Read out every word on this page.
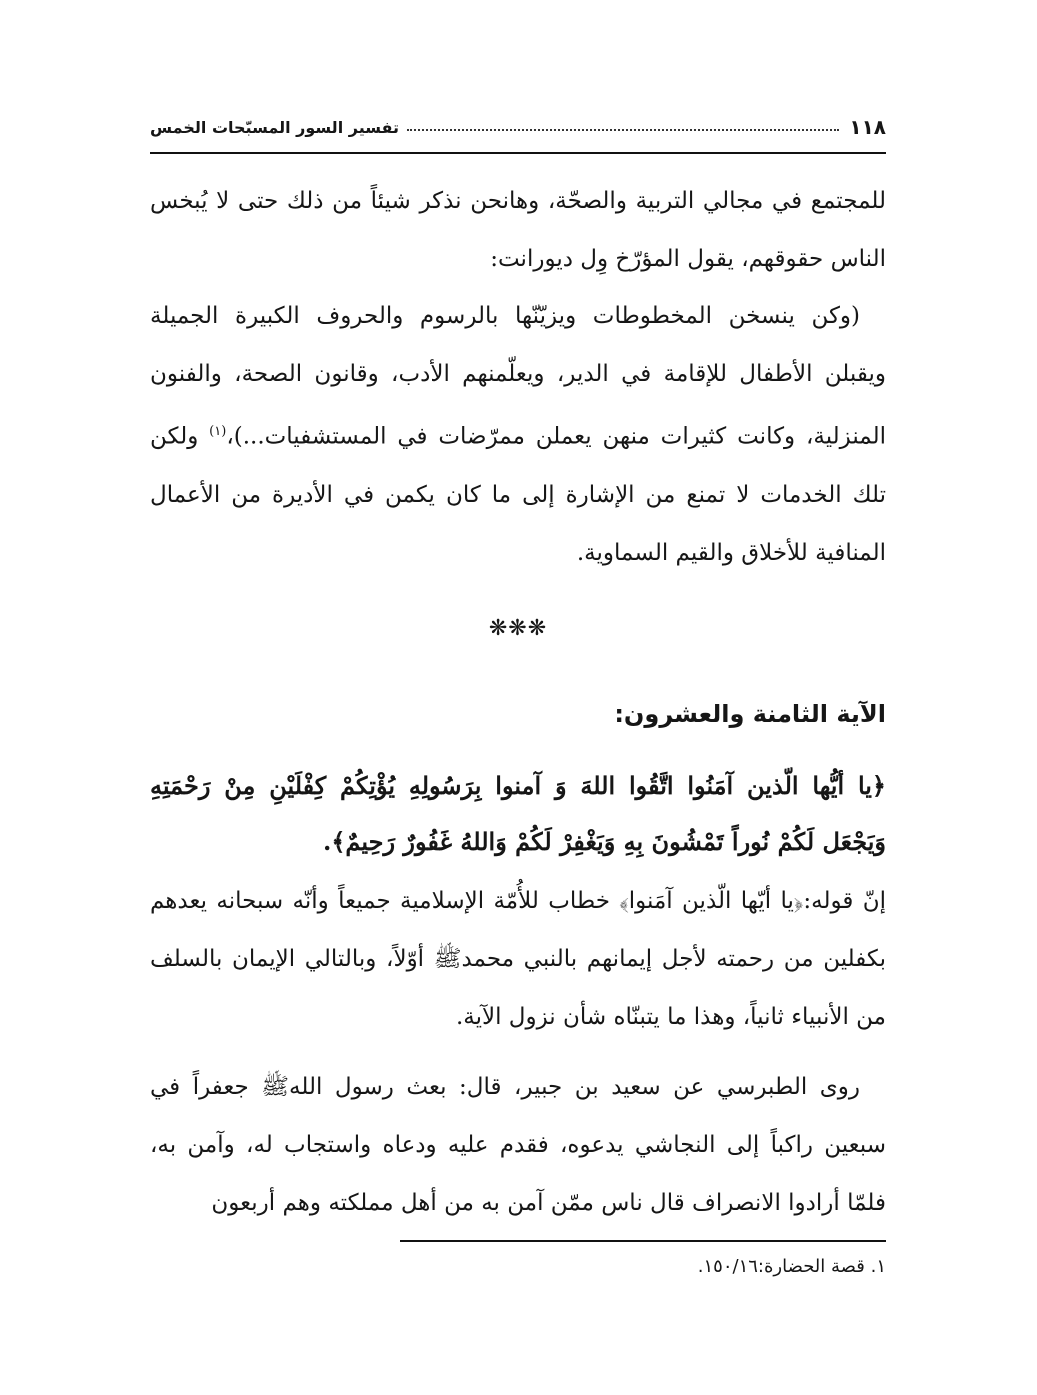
١١٨
تفسير السور المسبّحات الخمس

للمجتمع في مجالي التربية والصحّة، وهانحن نذكر شيئاً من ذلك حتى لا يُبخس الناس حقوقهم، يقول المؤرّخ وِل ديورانت:

(وكن ينسخن المخطوطات ويزيّنّها بالرسوم والحروف الكبيرة الجميلة ويقبلن الأطفال للإقامة في الدير، ويعلّمنهم الأدب، وقانون الصحة، والفنون المنزلية، وكانت كثيرات منهن يعملن ممرّضات في المستشفيات...)،$^{(١)}$ ولكن تلك الخدمات لا تمنع من الإشارة إلى ما كان يكمن في الأديرة من الأعمال المنافية للأخلاق والقيم السماوية.

❋❋❋
الآية الثامنة والعشرون:
﴿يا أيُّها الّذين آمَنُوا اتَّقُوا اللهَ وَ آمنوا بِرَسُولِهِ يُؤْتِكُمْ كِفْلَيْنِ مِنْ رَحْمَتِهِ وَيَجْعَل لَكُمْ نُوراً تَمْشُونَ بِهِ وَيَغْفِرْ لَكُمْ وَاللهُ غَفُورٌ رَحِيمٌ﴾.

إنّ قوله:﴿يا أيّها الّذين آمَنوا﴾ خطاب للأُمّة الإسلامية جميعاً وأنّه سبحانه يعدهم بكفلين من رحمته لأجل إيمانهم بالنبي محمدﷺ أوّلاً، وبالتالي الإيمان بالسلف من الأنبياء ثانياً، وهذا ما يتبنّاه شأن نزول الآية.

روى الطبرسي عن سعيد بن جبير، قال: بعث رسول اللهﷺ جعفراً في سبعين راكباً إلى النجاشي يدعوه، فقدم عليه ودعاه واستجاب له، وآمن به، فلمّا أرادوا الانصراف قال ناس ممّن آمن به من أهل مملكته وهم أربعون

١. قصة الحضارة:١٥٠/١٦.
